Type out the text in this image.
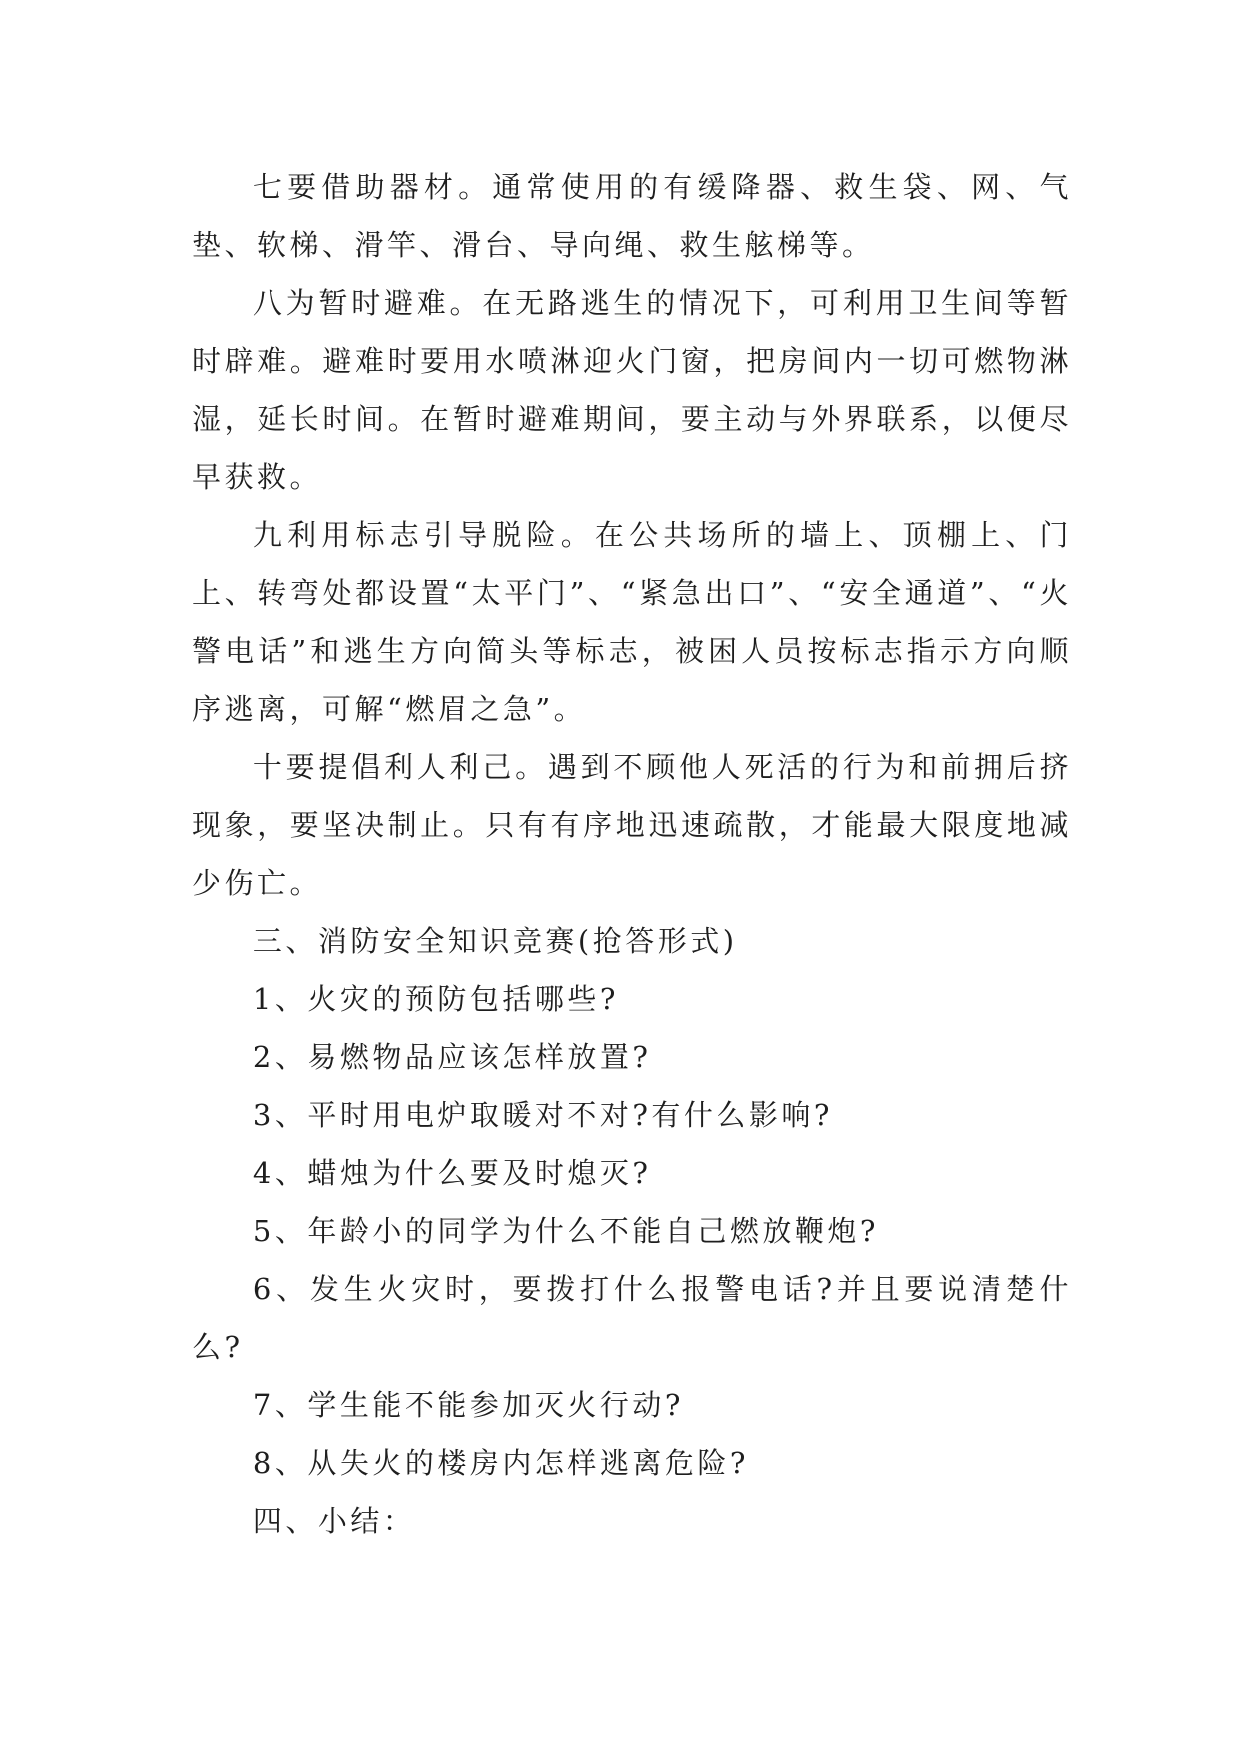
七要借助器材。通常使用的有缓降器、救生袋、网、气垫、软梯、滑竿、滑台、导向绳、救生舷梯等。

八为暂时避难。在无路逃生的情况下，可利用卫生间等暂时辟难。避难时要用水喷淋迎火门窗，把房间内一切可燃物淋湿，延长时间。在暂时避难期间，要主动与外界联系，以便尽早获救。

九利用标志引导脱险。在公共场所的墙上、顶棚上、门上、转弯处都设置“太平门”、“紧急出口”、“安全通道”、“火警电话”和逃生方向简头等标志，被困人员按标志指示方向顺序逃离，可解“燃眉之急”。

十要提倡利人利己。遇到不顾他人死活的行为和前拥后挤现象，要坚决制止。只有有序地迅速疏散，才能最大限度地减少伤亡。

三、消防安全知识竞赛(抢答形式)

1、火灾的预防包括哪些?

2、易燃物品应该怎样放置?

3、平时用电炉取暖对不对?有什么影响?

4、蜡烛为什么要及时熄灭?

5、年龄小的同学为什么不能自己燃放鞭炮?

6、发生火灾时，要拨打什么报警电话?并且要说清楚什么?

7、学生能不能参加灭火行动?

8、从失火的楼房内怎样逃离危险?

四、小结：
